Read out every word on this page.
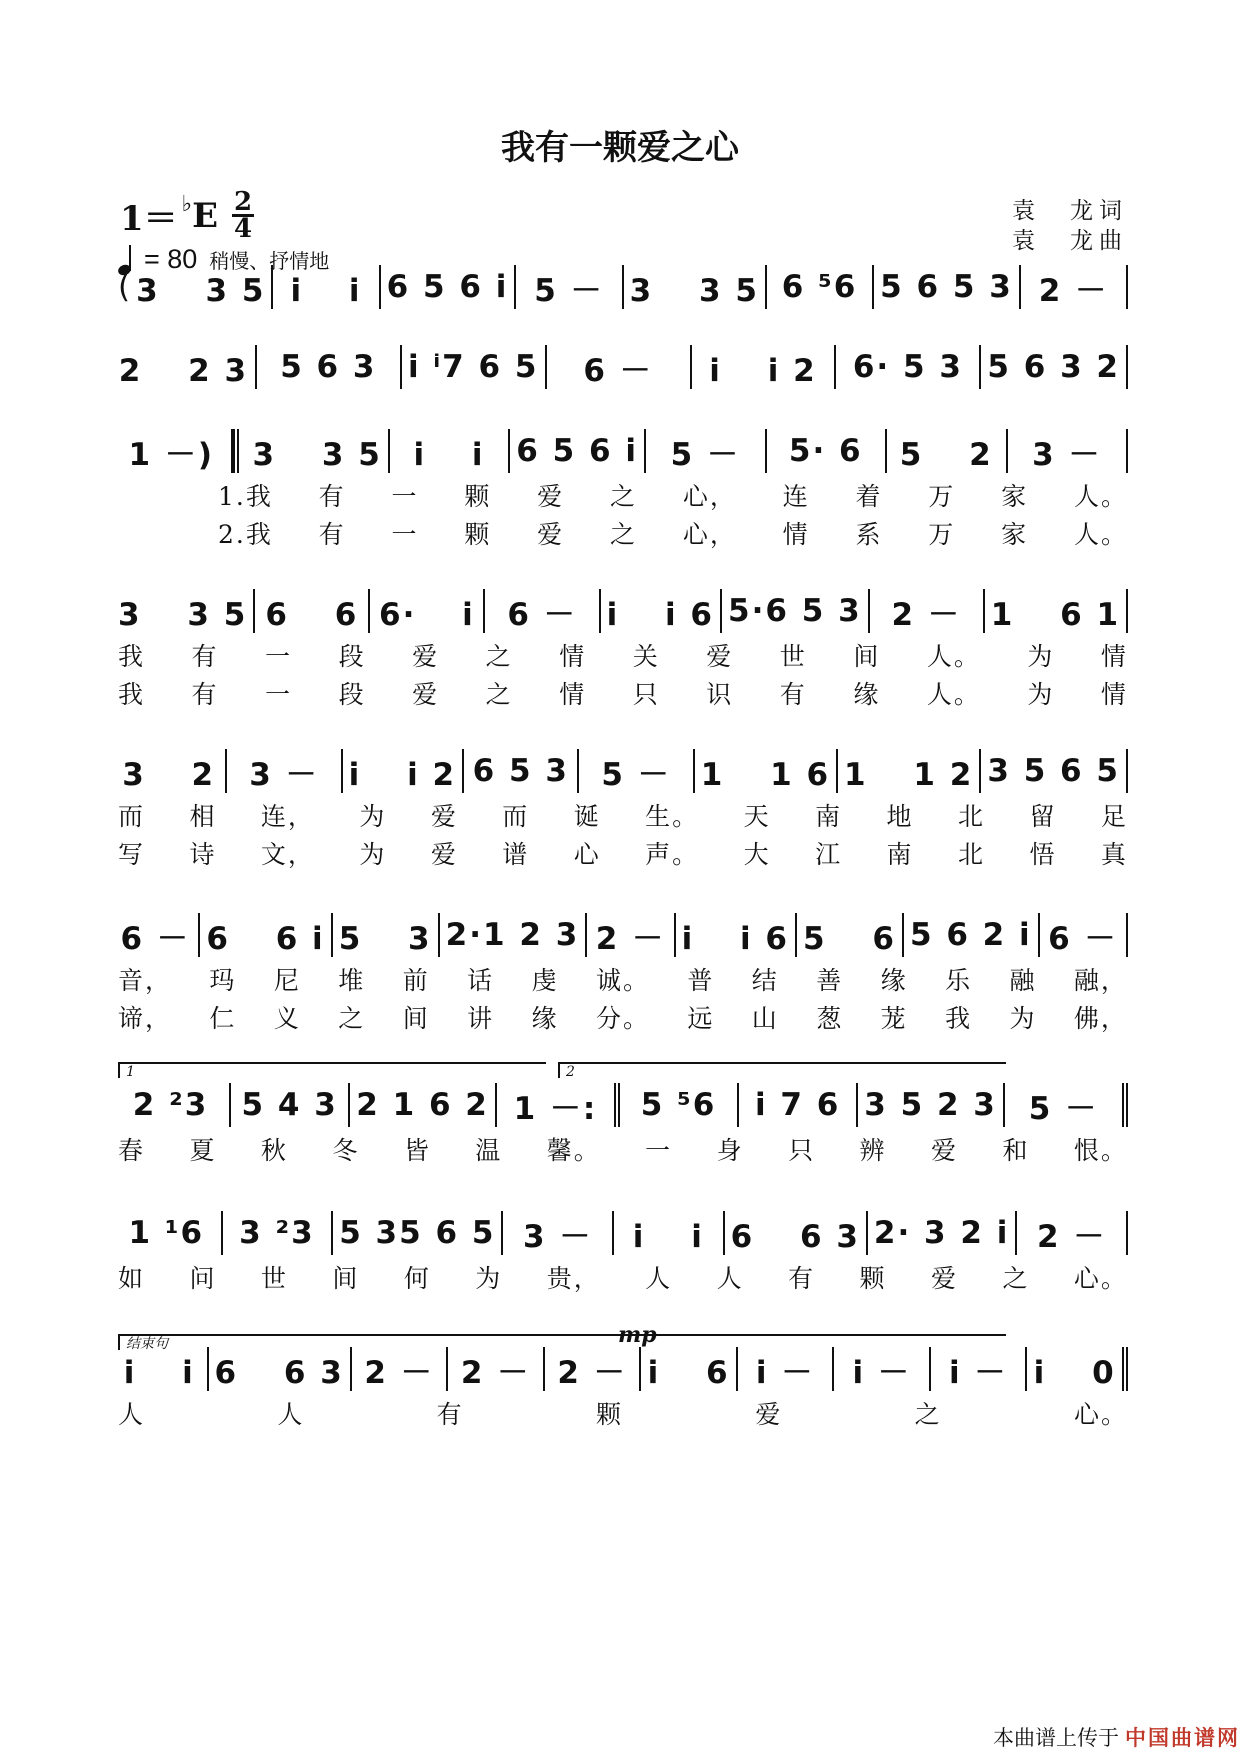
我有一颗爱之心
袁　龙词
袁　龙曲
1＝ ♭ E 2
4
= 80 稍慢、抒情地
( 3 　3 5 i 　i 6 5 6 i 5 － 3 　3 5 6 ⁵6 5 6 5 3 2 －
2 　2 3	5 6 3	i ⁱ7 6 5	6 －	i 　i 2	6· 5 3 5 6 3 2
1 －)	3 　3 5	i 　i	6 5 6 i	5 －	5· 6	5 　2	3 －
1.我 有 一 颗 爱 之 心， 连 着 万 家 人。
2.我 有 一 颗 爱 之 心， 情 系 万 家 人。
3 　3 5 6 　6 6· 　i	6 － i 　i 6 5·6 5 3 2 － 1 　6 1
我 有 一 段 爱 之 情 关 爱 世 间 人。 为 情
我 有 一 段 爱 之 情 只 识 有 缘 人。 为 情
3 　2	3 － i 　i 2 6 5 3	5 － 1 　1 6 1 　1 2 3 5 6 5
而 相 连， 为 爱 而 诞 生。 天 南 地 北 留 足
写 诗 文， 为 爱 谱 心 声。 大 江 南 北 悟 真
6 － 6 　6 i 5 　3 2·1 2 3 2 － i 　i 6 5 　6 5 6 2 i 6 －
音， 玛 尼 堆 前 话 虔 诚。 普 结 善 缘 乐 融 融，
谛， 仁 义 之 间 讲 缘 分。 远 山 葱 茏 我 为 佛，
1	2
2 ²3	5 4 3 2 1 6 2 1 －:	5 ⁵6	i 7 6 3 5 2 3	5 －
春 夏 秋 冬 皆 温 馨。 一 身 只 辨 爱 和 恨。
1 ¹6	3 ²3 5 35 6 5 3 －	i 　i 6 　6 3 2· 3 2 i 2 －
如 问 世 间 何 为 贵， 人 人 有 颗 爱 之 心。
结束句	mp
i 　i 6 　6 3 2 － 2 － 2 － i 　6 i －	i －	i － i 　0
人	人	有	颗	爱	之	心。
本曲谱上传于 中国曲谱网
